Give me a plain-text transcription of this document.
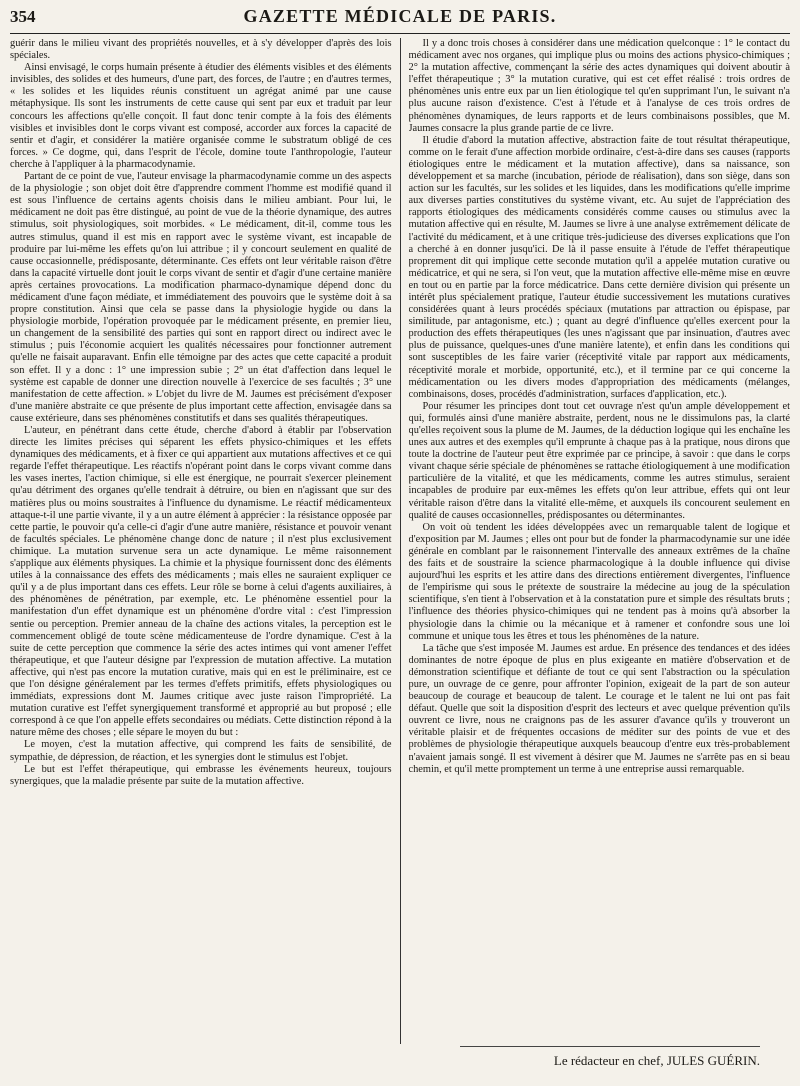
354	GAZETTE MÉDICALE DE PARIS.

guérir dans le milieu vivant des propriétés nouvelles, et à s'y développer d'après des lois spéciales.

Ainsi envisagé, le corps humain présente à étudier des éléments visibles et des éléments invisibles, des solides et des humeurs, d'une part, des forces, de l'autre ; en d'autres termes, « les solides et les liquides réunis constituent un agrégat animé par une cause métaphysique. Ils sont les instruments de cette cause qui sent par eux et traduit par leur concours les affections qu'elle conçoit. Il faut donc tenir compte à la fois des éléments visibles et invisibles dont le corps vivant est composé, accorder aux forces la capacité de sentir et d'agir, et considérer la matière organisée comme le substratum obligé de ces forces. » Ce dogme, qui, dans l'esprit de l'école, domine toute l'anthropologie, l'auteur cherche à l'appliquer à la pharmacodynamie.

Partant de ce point de vue, l'auteur envisage la pharmacodynamie comme un des aspects de la physiologie ; son objet doit être d'apprendre comment l'homme est modifié quand il est sous l'influence de certains agents choisis dans le milieu ambiant. Pour lui, le médicament ne doit pas être distingué, au point de vue de la théorie dynamique, des autres stimulus, soit physiologiques, soit morbides. « Le médicament, dit-il, comme tous les autres stimulus, quand il est mis en rapport avec le système vivant, est incapable de produire par lui-même les effets qu'on lui attribue ; il y concourt seulement en qualité de cause occasionnelle, prédisposante, déterminante. Ces effets ont leur véritable raison d'être dans la capacité virtuelle dont jouit le corps vivant de sentir et d'agir d'une certaine manière après certaines provocations. La modification pharmaco-dynamique dépend donc du médicament d'une façon médiate, et immédiatement des pouvoirs que le système doit à sa propre constitution. Ainsi que cela se passe dans la physiologie hygide ou dans la physiologie morbide, l'opération provoquée par le médicament présente, en premier lieu, un changement de la sensibilité des parties qui sont en rapport direct ou indirect avec le stimulus ; puis l'économie acquiert les qualités nécessaires pour fonctionner autrement qu'elle ne faisait auparavant. Enfin elle témoigne par des actes que cette capacité a produit son effet. Il y a donc : 1° une impression subie ; 2° un état d'affection dans lequel le système est capable de donner une direction nouvelle à l'exercice de ses facultés ; 3° une manifestation de cette affection. » L'objet du livre de M. Jaumes est précisément d'exposer d'une manière abstraite ce que présente de plus important cette affection, envisagée dans sa cause extérieure, dans ses phénomènes constitutifs et dans ses qualités thérapeutiques.

L'auteur, en pénétrant dans cette étude, cherche d'abord à établir par l'observation directe les limites précises qui séparent les effets physico-chimiques et les effets dynamiques des médicaments, et à fixer ce qui appartient aux mutations affectives et ce qui regarde l'effet thérapeutique. Les réactifs n'opérant point dans le corps vivant comme dans les vases inertes, l'action chimique, si elle est énergique, ne pourrait s'exercer pleinement qu'au détriment des organes qu'elle tendrait à détruire, ou bien en n'agissant que sur des matières plus ou moins soustraites à l'influence du dynamisme. Le réactif médicamenteux attaque-t-il une partie vivante, il y a un autre élément à apprécier : la résistance opposée par cette partie, le pouvoir qu'a celle-ci d'agir d'une autre manière, résistance et pouvoir venant de facultés spéciales. Le phénomène change donc de nature ; il n'est plus exclusivement chimique. La mutation survenue sera un acte dynamique. Le même raisonnement s'applique aux éléments physiques. La chimie et la physique fournissent donc des éléments utiles à la connaissance des effets des médicaments ; mais elles ne sauraient expliquer ce qu'il y a de plus important dans ces effets. Leur rôle se borne à celui d'agents auxiliaires, à des phénomènes de pénétration, par exemple, etc. Le phénomène essentiel pour la manifestation d'un effet dynamique est un phénomène d'ordre vital : c'est l'impression sentie ou perception. Premier anneau de la chaîne des actions vitales, la perception est le commencement obligé de toute scène médicamenteuse de l'ordre dynamique. C'est à la suite de cette perception que commence la série des actes intimes qui vont amener l'effet thérapeutique, et que l'auteur désigne par l'expression de mutation affective. La mutation affective, qui n'est pas encore la mutation curative, mais qui en est le préliminaire, est ce que l'on désigne généralement par les termes d'effets primitifs, effets physiologiques ou immédiats, expressions dont M. Jaumes critique avec juste raison l'impropriété. La mutation curative est l'effet synergiquement transformé et approprié au but proposé ; elle correspond à ce que l'on appelle effets secondaires ou médiats. Cette distinction répond à la nature même des choses ; elle sépare le moyen du but :

Le moyen, c'est la mutation affective, qui comprend les faits de sensibilité, de sympathie, de dépression, de réaction, et les synergies dont le stimulus est l'objet.

Le but est l'effet thérapeutique, qui embrasse les événements heureux, toujours synergiques, que la maladie présente par suite de la mutation affective.

Il y a donc trois choses à considérer dans une médication quelconque : 1° le contact du médicament avec nos organes, qui implique plus ou moins des actions physico-chimiques ; 2° la mutation affective, commençant la série des actes dynamiques qui doivent aboutir à l'effet thérapeutique ; 3° la mutation curative, qui est cet effet réalisé : trois ordres de phénomènes unis entre eux par un lien étiologique tel qu'en supprimant l'un, le suivant n'a plus aucune raison d'existence. C'est à l'étude et à l'analyse de ces trois ordres de phénomènes dynamiques, de leurs rapports et de leurs combinaisons possibles, que M. Jaumes consacre la plus grande partie de ce livre.

Il étudie d'abord la mutation affective, abstraction faite de tout résultat thérapeutique, comme on le ferait d'une affection morbide ordinaire, c'est-à-dire dans ses causes (rapports étiologiques entre le médicament et la mutation affective), dans sa naissance, son développement et sa marche (incubation, période de réalisation), dans son siège, dans son action sur les facultés, sur les solides et les liquides, dans les modifications qu'elle imprime aux diverses parties constitutives du système vivant, etc. Au sujet de l'appréciation des rapports étiologiques des médicaments considérés comme causes ou stimulus avec la mutation affective qui en résulte, M. Jaumes se livre à une analyse extrêmement délicate de l'activité du médicament, et à une critique très-judicieuse des diverses explications que l'on a cherché à en donner jusqu'ici. De là il passe ensuite à l'étude de l'effet thérapeutique proprement dit qui implique cette seconde mutation qu'il a appelée mutation curative ou médicatrice, et qui ne sera, si l'on veut, que la mutation affective elle-même mise en œuvre en tout ou en partie par la force médicatrice. Dans cette dernière division qui présente un intérêt plus spécialement pratique, l'auteur étudie successivement les mutations curatives considérées quant à leurs procédés spéciaux (mutations par attraction ou épispase, par similitude, par antagonisme, etc.) ; quant au degré d'influence qu'elles exercent pour la production des effets thérapeutiques (les unes n'agissant que par insinuation, d'autres avec plus de puissance, quelques-unes d'une manière latente), et enfin dans les conditions qui sont susceptibles de les faire varier (réceptivité vitale par rapport aux médicaments, réceptivité morale et morbide, opportunité, etc.), et il termine par ce qui concerne la médicamentation ou les divers modes d'appropriation des médicaments (mélanges, combinaisons, doses, procédés d'administration, surfaces d'application, etc.).

Pour résumer les principes dont tout cet ouvrage n'est qu'un ample développement et qui, formulés ainsi d'une manière abstraite, perdent, nous ne le dissimulons pas, la clarté qu'elles reçoivent sous la plume de M. Jaumes, de la déduction logique qui les enchaîne les unes aux autres et des exemples qu'il emprunte à chaque pas à la pratique, nous dirons que toute la doctrine de l'auteur peut être exprimée par ce principe, à savoir : que dans le corps vivant chaque série spéciale de phénomènes se rattache étiologiquement à une modification particulière de la vitalité, et que les médicaments, comme les autres stimulus, seraient incapables de produire par eux-mêmes les effets qu'on leur attribue, effets qui ont leur véritable raison d'être dans la vitalité elle-même, et auxquels ils concourent seulement en qualité de causes occasionnelles, prédisposantes ou déterminantes.

On voit où tendent les idées développées avec un remarquable talent de logique et d'exposition par M. Jaumes ; elles ont pour but de fonder la pharmacodynamie sur une idée générale en comblant par le raisonnement l'intervalle des anneaux extrêmes de la chaîne des faits et de soustraire la science pharmacologique à la double influence qui divise aujourd'hui les esprits et les attire dans des directions entièrement divergentes, l'influence de l'empirisme qui sous le prétexte de soustraire la médecine au joug de la spéculation scientifique, s'en tient à l'observation et à la constatation pure et simple des résultats bruts ; l'influence des théories physico-chimiques qui ne tendent pas à moins qu'à absorber la physiologie dans la chimie ou la mécanique et à ramener et confondre sous une loi commune et unique tous les êtres et tous les phénomènes de la nature.

La tâche que s'est imposée M. Jaumes est ardue. En présence des tendances et des idées dominantes de notre époque de plus en plus exigeante en matière d'observation et de démonstration scientifique et défiante de tout ce qui sent l'abstraction ou la spéculation pure, un ouvrage de ce genre, pour affronter l'opinion, exigeait de la part de son auteur beaucoup de courage et beaucoup de talent. Le courage et le talent ne lui ont pas fait défaut. Quelle que soit la disposition d'esprit des lecteurs et avec quelque prévention qu'ils ouvrent ce livre, nous ne craignons pas de les assurer d'avance qu'ils y trouveront un véritable plaisir et de fréquentes occasions de méditer sur des points de vue et des problèmes de physiologie thérapeutique auxquels beaucoup d'entre eux très-probablement n'avaient jamais songé. Il est vivement à désirer que M. Jaumes ne s'arrête pas en si beau chemin, et qu'il mette promptement un terme à une entreprise aussi remarquable.

Le rédacteur en chef, JULES GUÉRIN.
